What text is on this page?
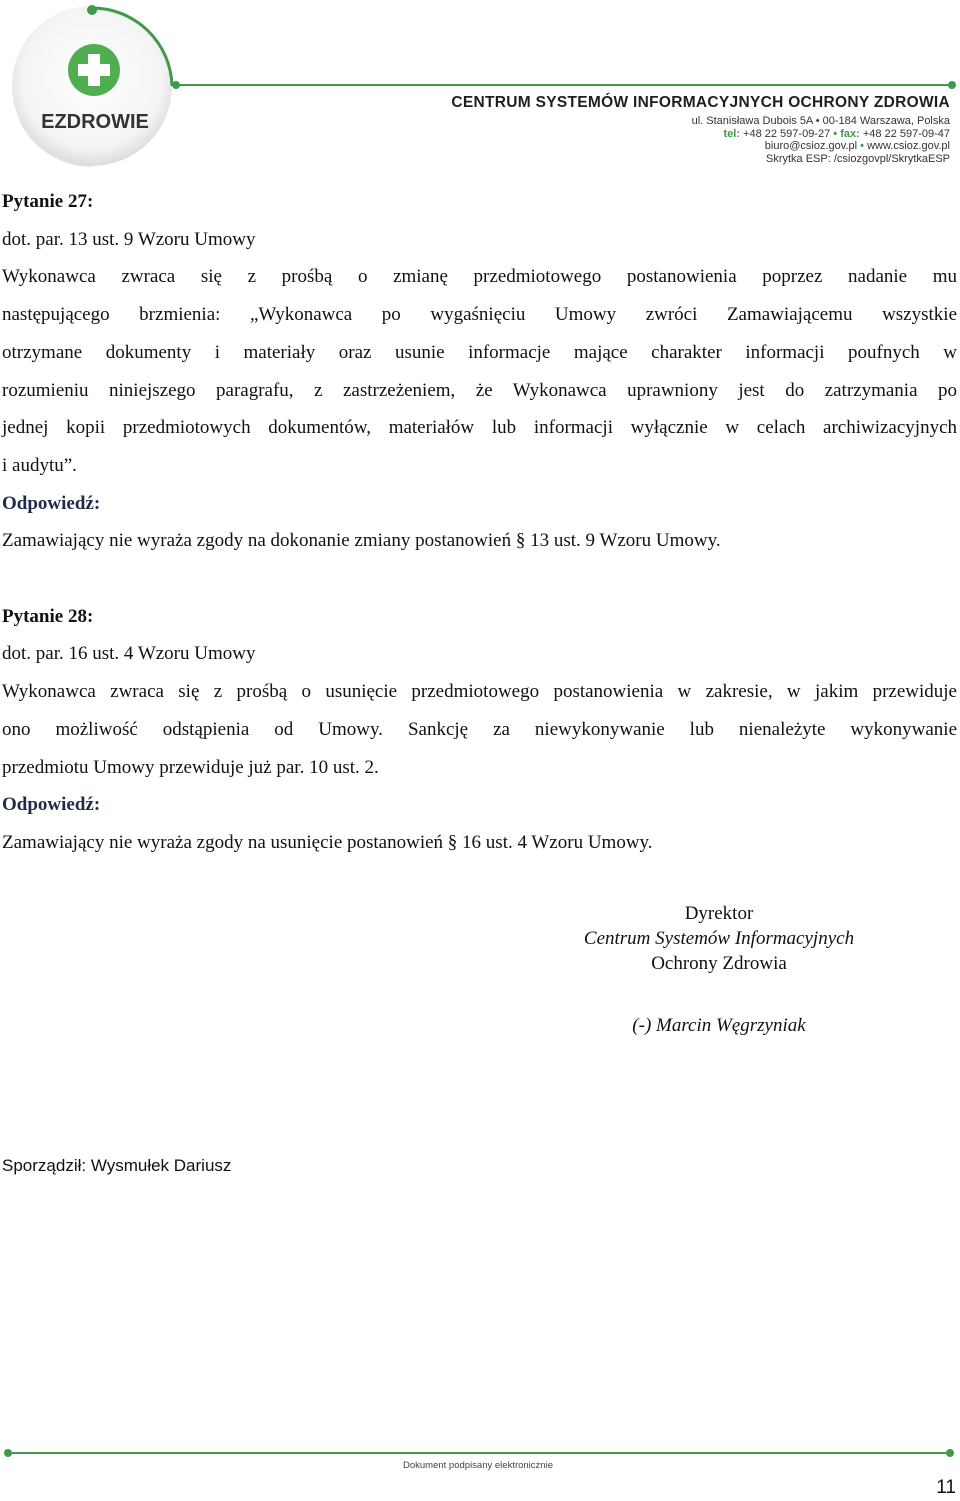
EZDROWIE

CENTRUM SYSTEMÓW INFORMACYJNYCH OCHRONY ZDROWIA

ul. Stanisława Dubois 5A • 00-184 Warszawa, Polska
tel: +48 22 597-09-27 • fax: +48 22 597-09-47
biuro@csioz.gov.pl • www.csioz.gov.pl
Skrytka ESP: /csiozgovpl/SkrytkaESP

Pytanie 27:

dot. par. 13 ust. 9 Wzoru Umowy

Wykonawca zwraca się z prośbą o zmianę przedmiotowego postanowienia poprzez nadanie mu

następującego brzmienia: „Wykonawca po wygaśnięciu Umowy zwróci Zamawiającemu wszystkie

otrzymane dokumenty i materiały oraz usunie informacje mające charakter informacji poufnych w

rozumieniu niniejszego paragrafu, z zastrzeżeniem, że Wykonawca uprawniony jest do zatrzymania po

jednej kopii przedmiotowych dokumentów, materiałów lub informacji wyłącznie w celach archiwizacyjnych

i audytu”.

Odpowiedź:

Zamawiający nie wyraża zgody na dokonanie zmiany postanowień § 13 ust. 9 Wzoru Umowy.

Pytanie 28:

dot. par. 16 ust. 4 Wzoru Umowy

Wykonawca zwraca się z prośbą o usunięcie przedmiotowego postanowienia w zakresie, w jakim przewiduje

ono możliwość odstąpienia od Umowy. Sankcję za niewykonywanie lub nienależyte wykonywanie

przedmiotu Umowy przewiduje już par. 10 ust. 2.

Odpowiedź:

Zamawiający nie wyraża zgody na usunięcie postanowień § 16 ust. 4 Wzoru Umowy.

Dyrektor

Centrum Systemów Informacyjnych

Ochrony Zdrowia

(-) Marcin Węgrzyniak

Sporządził: Wysmułek Dariusz

Dokument podpisany elektronicznie

11
